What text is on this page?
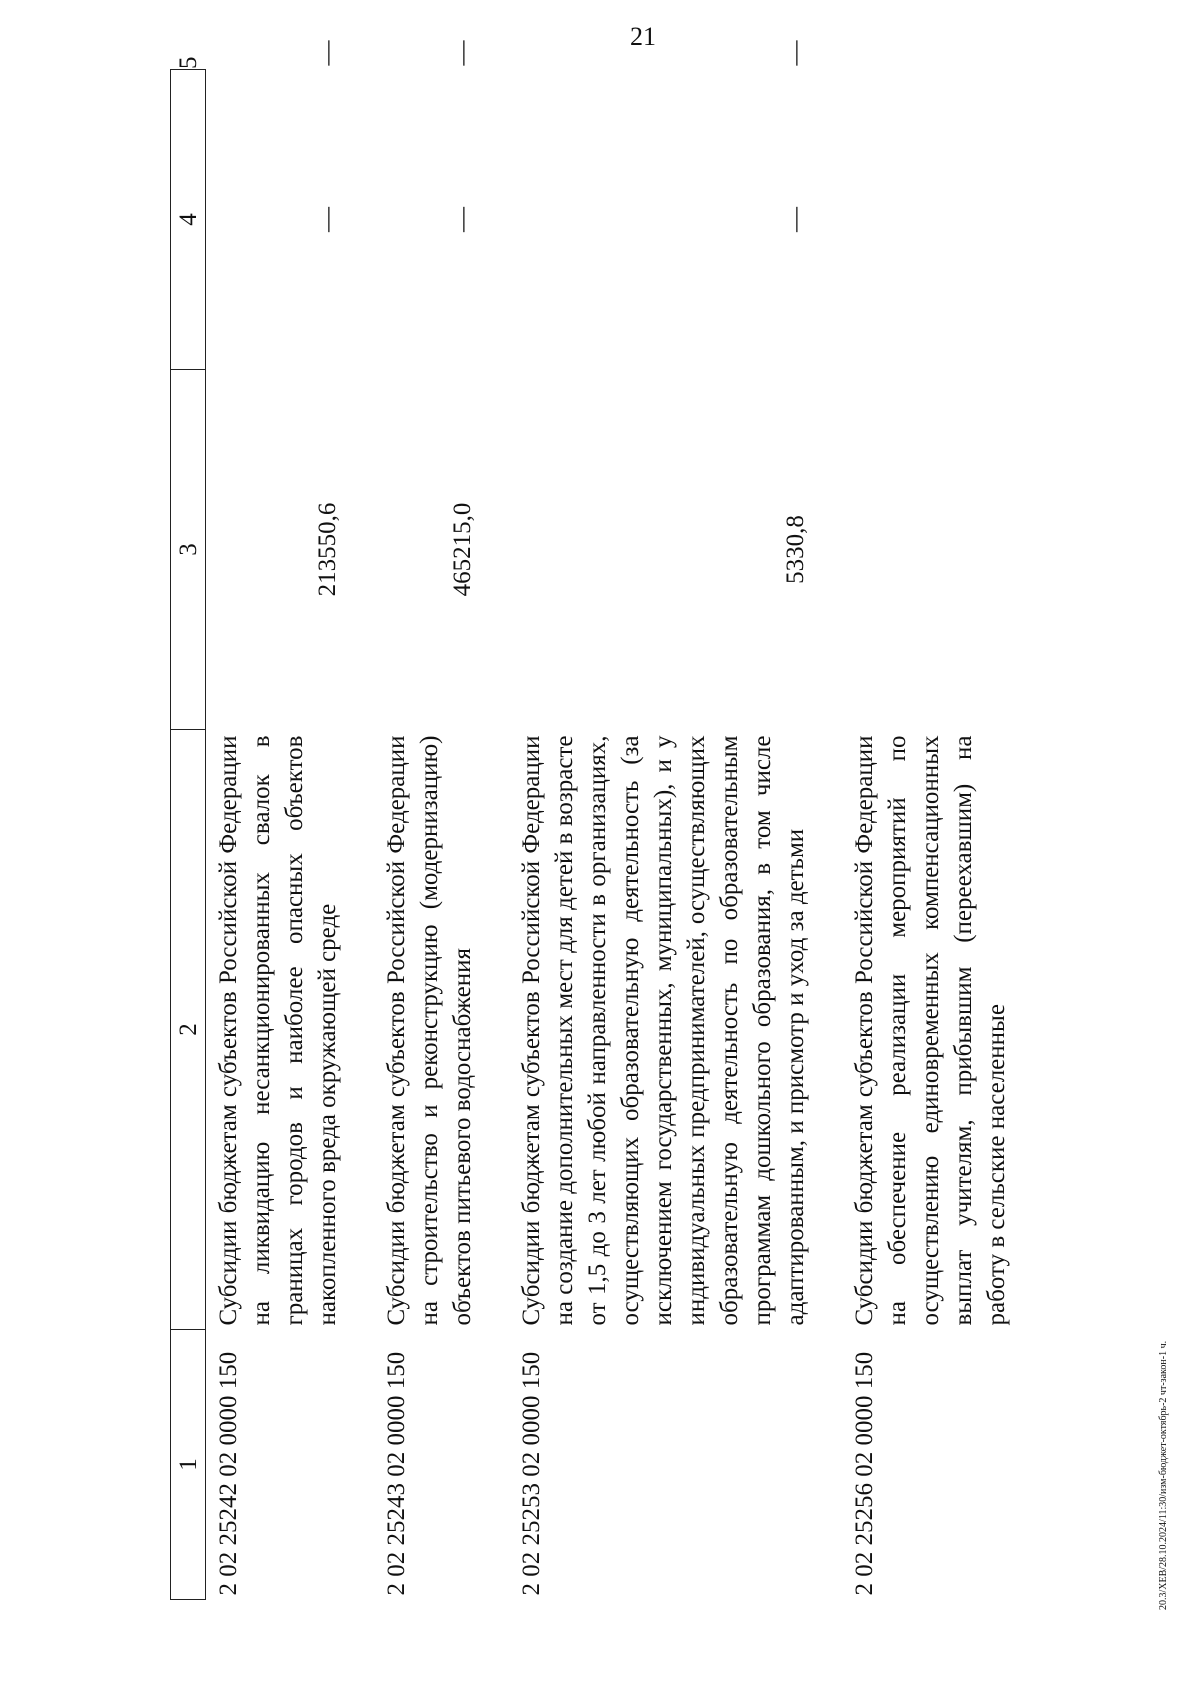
21
20.3/ХЕВ/28.10.2024/11:30/изм-бюджет-октябрь-2 чт-закон-1 ч.
1	2	3	4	5
2 02 25242 02 0000 150	Субсидии бюджетам субъектов Российской Федерации на ликвидацию несанкционированных свалок в границах городов и наиболее опасных объектов накопленного вреда окружающей среде	213550,6	—	—
2 02 25243 02 0000 150	Субсидии бюджетам субъектов Российской Федерации на строительство и реконструкцию (модернизацию) объектов питьевого водоснабжения	465215,0	—	—
2 02 25253 02 0000 150	Субсидии бюджетам субъектов Российской Федерации на создание дополнительных мест для детей в возрасте от 1,5 до 3 лет любой направленности в организациях, осуществляющих образовательную деятельность (за исключением государственных, муниципальных), и у индивидуальных предпринимателей, осуществляющих образовательную деятельность по образовательным программам дошкольного образования, в том числе адаптированным, и присмотр и уход за детьми	5330,8	—	—
2 02 25256 02 0000 150	Субсидии бюджетам субъектов Российской Федерации на обеспечение реализации мероприятий по осуществлению единовременных компенсационных выплат учителям, прибывшим (переехавшим) на работу в сельские населенные			
